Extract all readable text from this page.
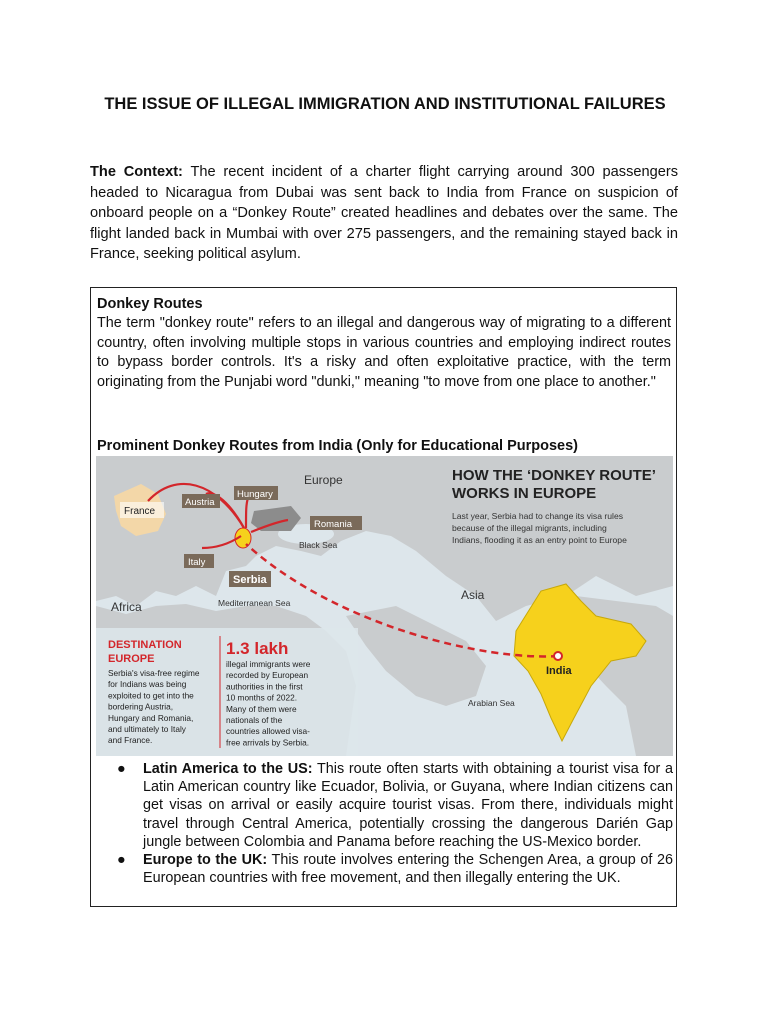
THE ISSUE OF ILLEGAL IMMIGRATION AND INSTITUTIONAL FAILURES

The Context: The recent incident of a charter flight carrying around 300 passengers headed to Nicaragua from Dubai was sent back to India from France on suspicion of onboard people on a “Donkey Route” created headlines and debates over the same. The flight landed back in Mumbai with over 275 passengers, and the remaining stayed back in France, seeking political asylum.

Donkey Routes
The term "donkey route" refers to an illegal and dangerous way of migrating to a different country, often involving multiple stops in various countries and employing indirect routes to bypass border controls. It's a risky and often exploitative practice, with the term originating from the Punjabi word "dunki," meaning "to move from one place to another."
Prominent Donkey Routes from India (Only for Educational Purposes)
Europe
France
Austria
Hungary
Romania
Black Sea
Italy
Serbia
Africa	Mediterranean Sea
Asia
India
Arabian Sea
HOW THE ‘DONKEY ROUTE’
WORKS IN EUROPE
Last year, Serbia had to change its visa rules
because of the illegal migrants, including
Indians, flooding it as an entry point to Europe
DESTINATION
EUROPE
Serbia's visa-free regime
for Indians was being
exploited to get into the
bordering Austria,
Hungary and Romania,
and ultimately to Italy
and France.
1.3 lakh
illegal immigrants were
recorded by European
authorities in the first
10 months of 2022.
Many of them were
nationals of the
countries allowed visa-
free arrivals by Serbia.
● Latin America to the US: This route often starts with obtaining a tourist visa for a Latin American country like Ecuador, Bolivia, or Guyana, where Indian citizens can get visas on arrival or easily acquire tourist visas. From there, individuals might travel through Central America, potentially crossing the dangerous Darién Gap jungle between Colombia and Panama before reaching the US-Mexico border.
● Europe to the UK: This route involves entering the Schengen Area, a group of 26 European countries with free movement, and then illegally entering the UK.
